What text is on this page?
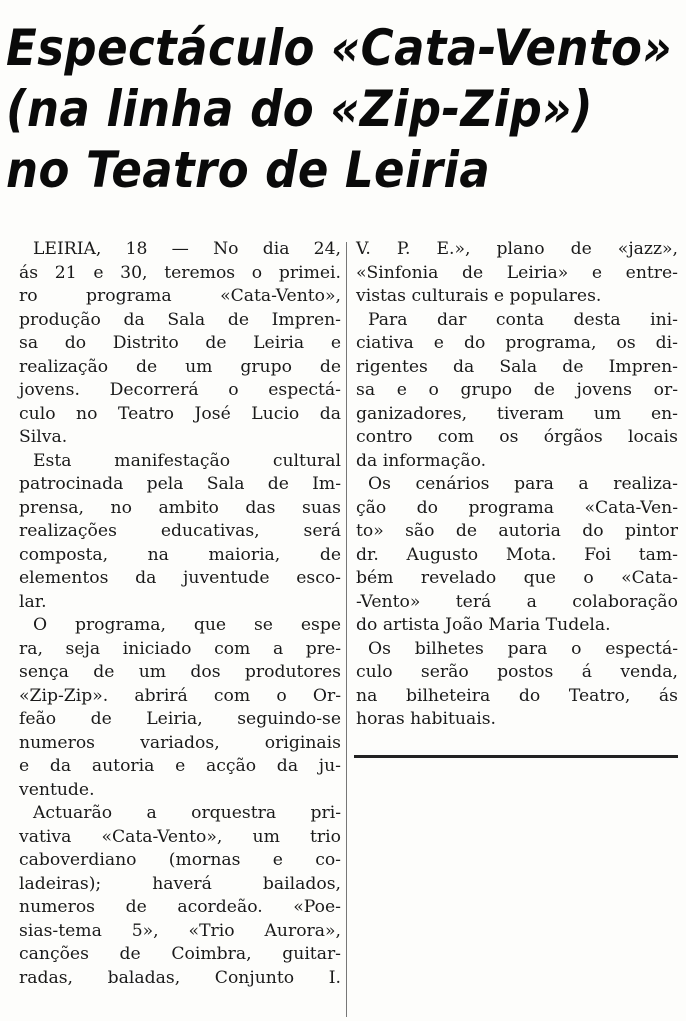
Espectáculo «Cata-Vento»
(na linha do «Zip-Zip»)
no Teatro de Leiria
LEIRIA, 18 — No dia 24,
ás 21 e 30, teremos o primei.
ro programa «Cata-Vento»,
produção da Sala de Impren-
sa do Distrito de Leiria e
realização de um grupo de
jovens. Decorrerá o espectá-
culo no Teatro José Lucio da
Silva.
Esta manifestação cultural
patrocinada pela Sala de Im-
prensa, no ambito das suas
realizações educativas, será
composta, na maioria, de
elementos da juventude esco-
lar.
O programa, que se espe
ra, seja iniciado com a pre-
sença de um dos produtores
«Zip-Zip». abrirá com o Or-
feão de Leiria, seguindo-se
numeros variados, originais
e da autoria e acção da ju-
ventude.
Actuarão a orquestra pri-
vativa «Cata-Vento», um trio
caboverdiano (mornas e co-
ladeiras); haverá bailados,
numeros de acordeão. «Poe-
sias-tema 5», «Trio Aurora»,
canções de Coimbra, guitar-
radas, baladas, Conjunto I.
V. P. E.», plano de «jazz»,
«Sinfonia de Leiria» e entre-
vistas culturais e populares.
Para dar conta desta ini-
ciativa e do programa, os di-
rigentes da Sala de Impren-
sa e o grupo de jovens or-
ganizadores, tiveram um en-
contro com os órgãos locais
da informação.
Os cenários para a realiza-
ção do programa «Cata-Ven-
to» são de autoria do pintor
dr. Augusto Mota. Foi tam-
bém revelado que o «Cata-
-Vento» terá a colaboração
do artista João Maria Tudela.
Os bilhetes para o espectá-
culo serão postos á venda,
na bilheteira do Teatro, ás
horas habituais.
